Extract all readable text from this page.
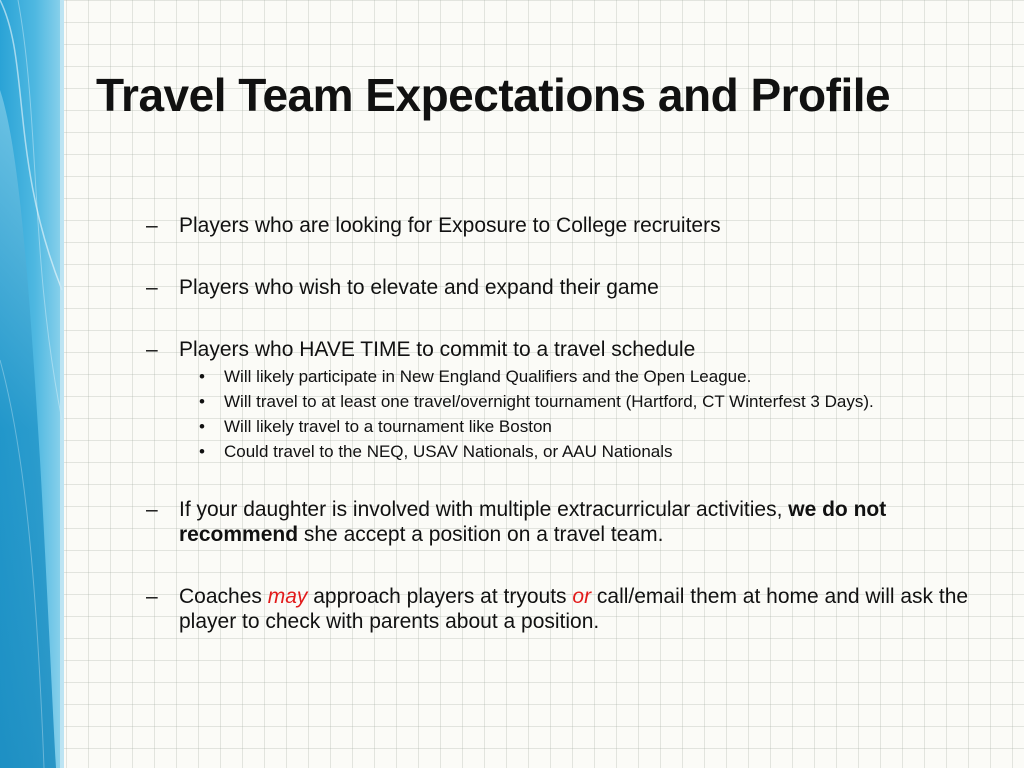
Travel Team Expectations and Profile
– Players who are looking for Exposure to College recruiters
– Players who wish to elevate and expand their game
– Players who HAVE TIME to commit to a travel schedule
• Will likely participate in New England Qualifiers and the Open League.
• Will travel to at least one travel/overnight tournament (Hartford, CT Winterfest 3 Days).
• Will likely travel to a tournament like Boston
• Could travel to the NEQ, USAV Nationals, or AAU Nationals
– If your daughter is involved with multiple extracurricular activities, we do not recommend she accept a position on a travel team.
– Coaches may approach players at tryouts or call/email them at home and will ask the player to check with parents about a position.
